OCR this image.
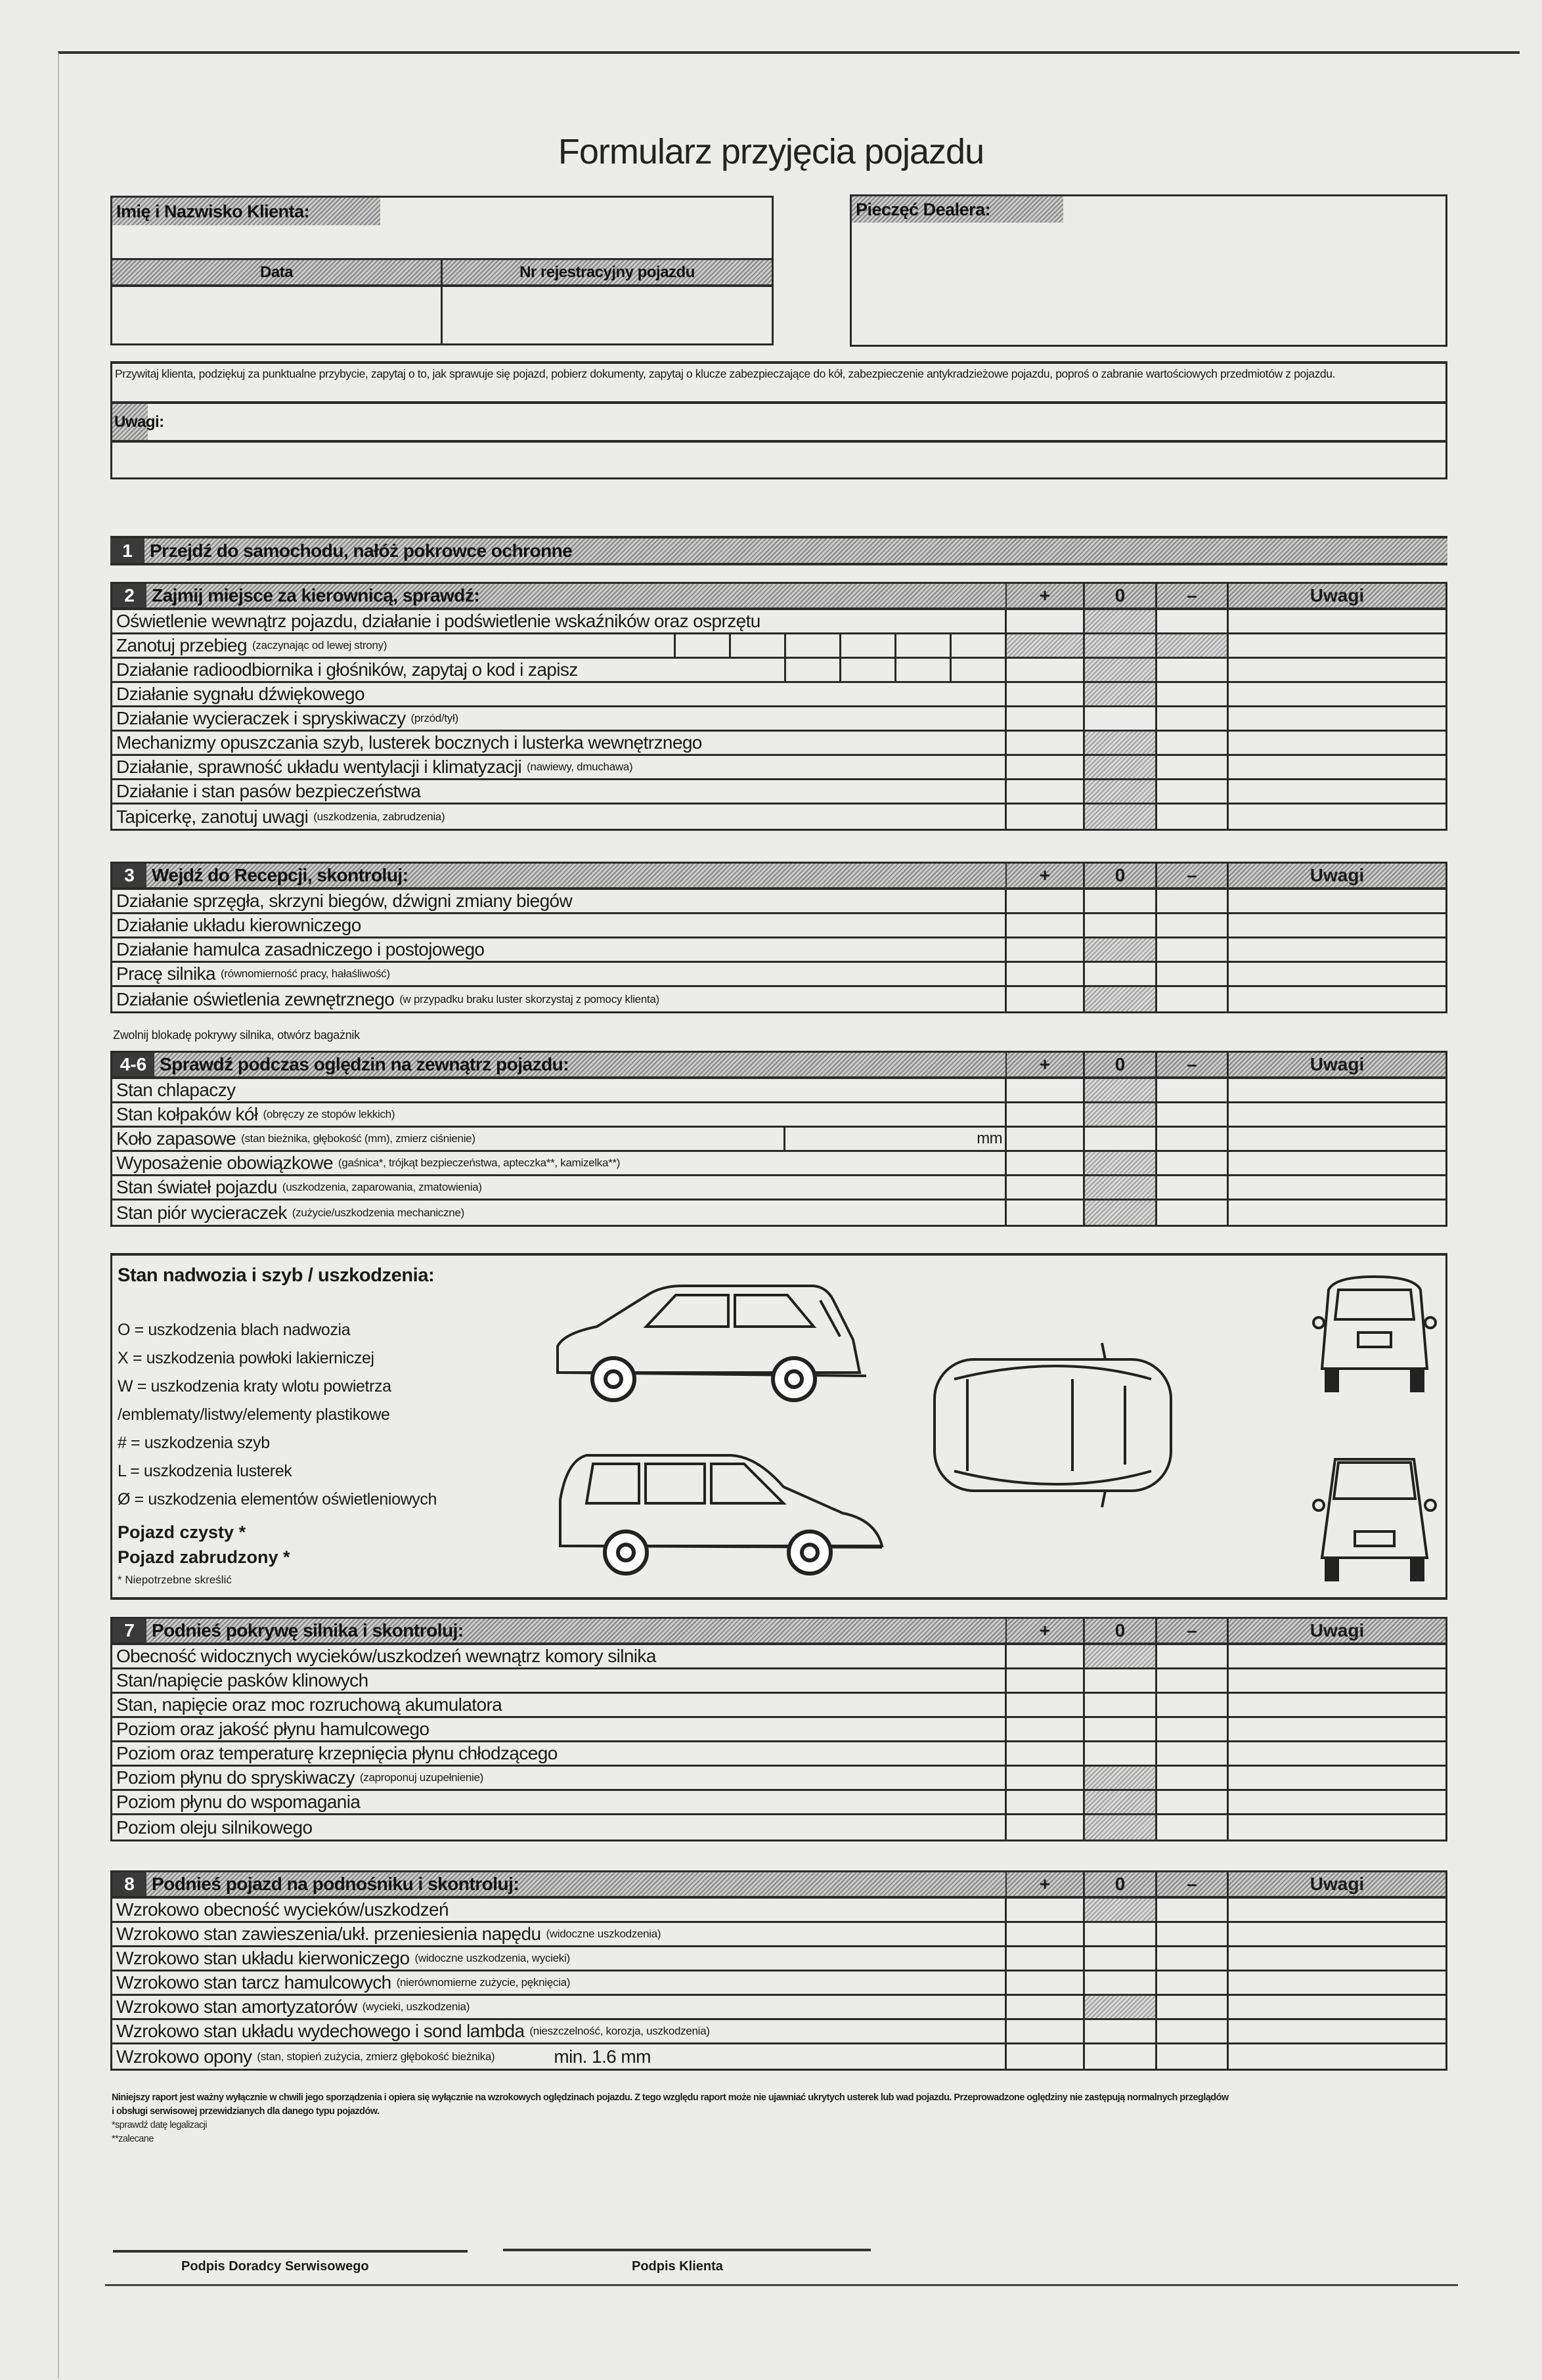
Formularz przyjęcia pojazdu
Imię i Nazwisko Klienta:
Data	Nr rejestracyjny pojazdu
Pieczęć Dealera:
Przywitaj klienta, podziękuj za punktualne przybycie, zapytaj o to, jak sprawuje się pojazd, pobierz dokumenty, zapytaj o klucze zabezpieczające do kół, zabezpieczenie antykradzieżowe pojazdu, poproś o zabranie wartościowych przedmiotów z pojazdu.
Uwagi:
1 Przejdź do samochodu, nałóż pokrowce ochronne
2 Zajmij miejsce za kierownicą, sprawdź:	+	0	–	Uwagi
Oświetlenie wewnątrz pojazdu, działanie i podświetlenie wskaźników oraz osprzętu
Zanotuj przebieg (zaczynając od lewej strony)
Działanie radioodbiornika i głośników, zapytaj o kod i zapisz
Działanie sygnału dźwiękowego
Działanie wycieraczek i spryskiwaczy (przód/tył)
Mechanizmy opuszczania szyb, lusterek bocznych i lusterka wewnętrznego
Działanie, sprawność układu wentylacji i klimatyzacji (nawiewy, dmuchawa)
Działanie i stan pasów bezpieczeństwa
Tapicerkę, zanotuj uwagi (uszkodzenia, zabrudzenia)
3 Wejdź do Recepcji, skontroluj:	+	0	–	Uwagi
Działanie sprzęgła, skrzyni biegów, dźwigni zmiany biegów
Działanie układu kierowniczego
Działanie hamulca zasadniczego i postojowego
Pracę silnika (równomierność pracy, hałaśliwość)
Działanie oświetlenia zewnętrznego (w przypadku braku luster skorzystaj z pomocy klienta)
Zwolnij blokadę pokrywy silnika, otwórz bagażnik
4-6 Sprawdź podczas oględzin na zewnątrz pojazdu:	+	0	–	Uwagi
Stan chlapaczy
Stan kołpaków kół (obręczy ze stopów lekkich)
Koło zapasowe (stan bieżnika, głębokość (mm), zmierz ciśnienie)	mm
Wyposażenie obowiązkowe (gaśnica*, trójkąt bezpieczeństwa, apteczka**, kamizelka**)
Stan świateł pojazdu (uszkodzenia, zaparowania, zmatowienia)
Stan piór wycieraczek (zużycie/uszkodzenia mechaniczne)
Stan nadwozia i szyb / uszkodzenia:
O = uszkodzenia blach nadwozia
X = uszkodzenia powłoki lakierniczej
W = uszkodzenia kraty wlotu powietrza
/emblematy/listwy/elementy plastikowe
# = uszkodzenia szyb
L = uszkodzenia lusterek
Ø = uszkodzenia elementów oświetleniowych
Pojazd czysty *
Pojazd zabrudzony *
* Niepotrzebne skreślić
7 Podnieś pokrywę silnika i skontroluj:	+	0	–	Uwagi
Obecność widocznych wycieków/uszkodzeń wewnątrz komory silnika
Stan/napięcie pasków klinowych
Stan, napięcie oraz moc rozruchową akumulatora
Poziom oraz jakość płynu hamulcowego
Poziom oraz temperaturę krzepnięcia płynu chłodzącego
Poziom płynu do spryskiwaczy (zaproponuj uzupełnienie)
Poziom płynu do wspomagania
Poziom oleju silnikowego
8 Podnieś pojazd na podnośniku i skontroluj:	+	0	–	Uwagi
Wzrokowo obecność wycieków/uszkodzeń
Wzrokowo stan zawieszenia/ukł. przeniesienia napędu (widoczne uszkodzenia)
Wzrokowo stan układu kierwoniczego (widoczne uszkodzenia, wycieki)
Wzrokowo stan tarcz hamulcowych (nierównomierne zużycie, pęknięcia)
Wzrokowo stan amortyzatorów (wycieki, uszkodzenia)
Wzrokowo stan układu wydechowego i sond lambda (nieszczelność, korozja, uszkodzenia)
Wzrokowo opony (stan, stopień zużycia, zmierz głębokość bieżnika)	min. 1.6 mm
Niniejszy raport jest ważny wyłącznie w chwili jego sporządzenia i opiera się wyłącznie na wzrokowych oględzinach pojazdu. Z tego względu raport może nie ujawniać ukrytych usterek lub wad pojazdu. Przeprowadzone oględziny nie zastępują normalnych przeglądów
i obsługi serwisowej przewidzianych dla danego typu pojazdów.
*sprawdź datę legalizacji
**zalecane
Podpis Doradcy Serwisowego	Podpis Klienta
